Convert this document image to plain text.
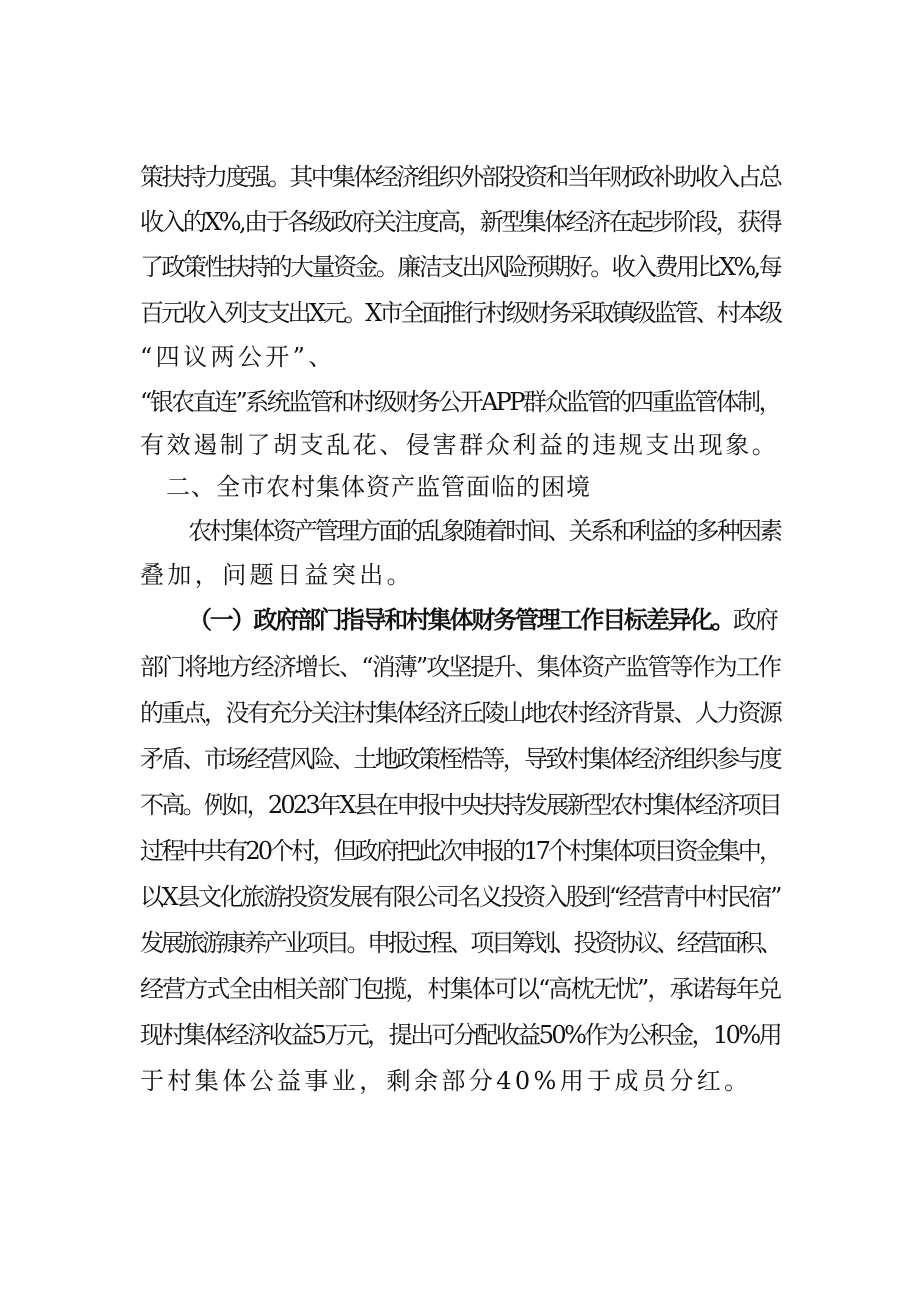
策扶持力度强。其中集体经济组织外部投资和当年财政补助收入占总
收入的X%,由于各级政府关注度高，新型集体经济在起步阶段，获得
了政策性扶持的大量资金。廉洁支出风险预期好。收入费用比X%,每
百元收入列支支出X元。X市全面推行村级财务采取镇级监管、村本级
“四议两公开”、
“银农直连”系统监管和村级财务公开APP群众监管的四重监管体制，
有效遏制了胡支乱花、侵害群众利益的违规支出现象。
二、全市农村集体资产监管面临的困境
农村集体资产管理方面的乱象随着时间、关系和利益的多种因素
叠加，问题日益突出。
（一）政府部门指导和村集体财务管理工作目标差异化。政府
部门将地方经济增长、“消薄”攻坚提升、集体资产监管等作为工作
的重点，没有充分关注村集体经济丘陵山地农村经济背景、人力资源
矛盾、市场经营风险、土地政策桎梏等，导致村集体经济组织参与度
不高。例如，2023年X县在申报中央扶持发展新型农村集体经济项目
过程中共有20个村，但政府把此次申报的17个村集体项目资金集中，
以X县文化旅游投资发展有限公司名义投资入股到“经营青中村民宿”
发展旅游康养产业项目。申报过程、项目筹划、投资协议、经营面积、
经营方式全由相关部门包揽，村集体可以“高枕无忧”，承诺每年兑
现村集体经济收益5万元，提出可分配收益50%作为公积金，10%用
于村集体公益事业，剩余部分40%用于成员分红。
